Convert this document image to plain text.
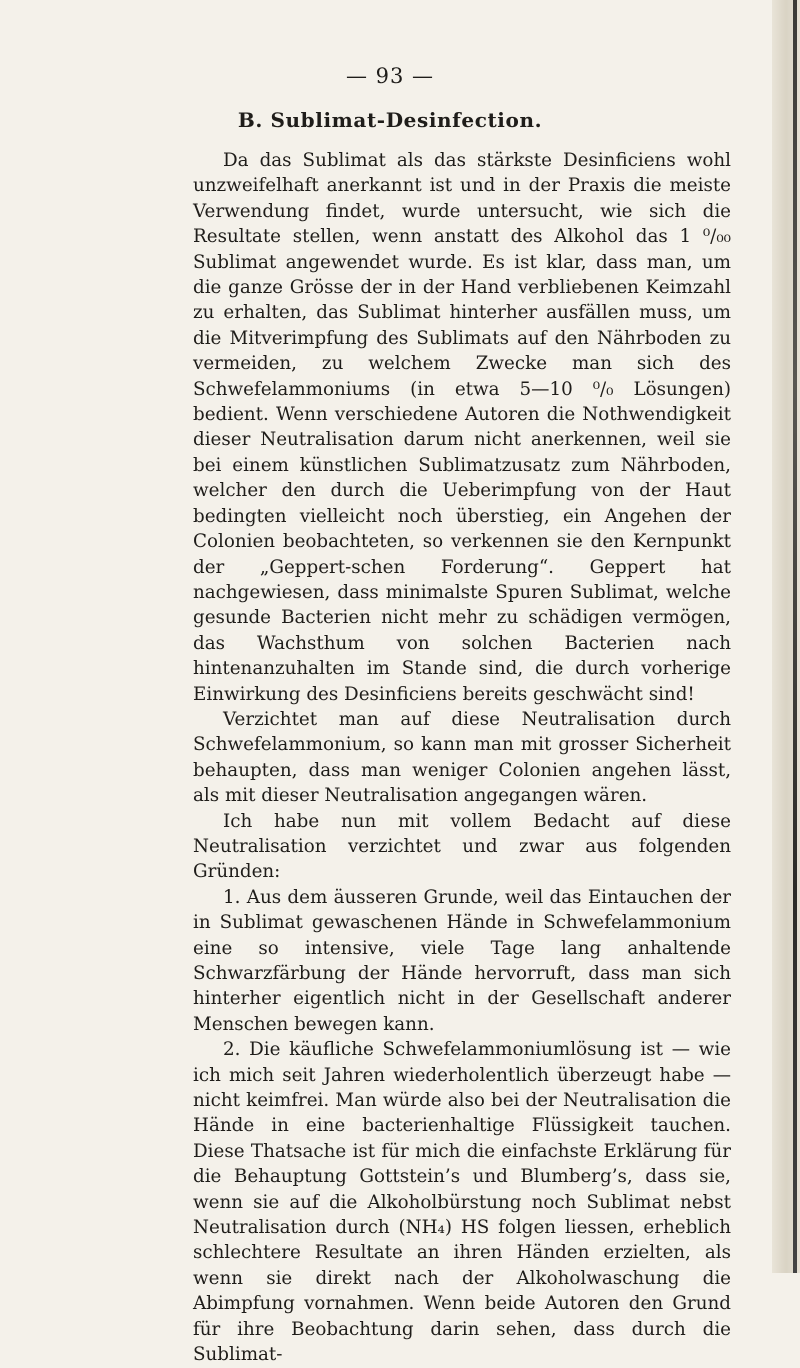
— 93 —
B. Sublimat-Desinfection.

Da das Sublimat als das stärkste Desinficiens wohl unzweifelhaft anerkannt ist und in der Praxis die meiste Verwendung findet, wurde untersucht, wie sich die Resultate stellen, wenn anstatt des Alkohol das 1 ⁰/₀₀ Sublimat angewendet wurde. Es ist klar, dass man, um die ganze Grösse der in der Hand verbliebenen Keimzahl zu erhalten, das Sublimat hinterher ausfällen muss, um die Mitverimpfung des Sublimats auf den Nährboden zu vermeiden, zu welchem Zwecke man sich des Schwefelammoniums (in etwa 5—10 ⁰/₀ Lösungen) bedient. Wenn verschiedene Autoren die Nothwendigkeit dieser Neutralisation darum nicht anerkennen, weil sie bei einem künstlichen Sublimatzusatz zum Nährboden, welcher den durch die Ueberimpfung von der Haut bedingten vielleicht noch überstieg, ein Angehen der Colonien beobachteten, so verkennen sie den Kernpunkt der „Geppert-schen Forderung“. Geppert hat nachgewiesen, dass minimalste Spuren Sublimat, welche gesunde Bacterien nicht mehr zu schädigen vermögen, das Wachsthum von solchen Bacterien nach hintenanzuhalten im Stande sind, die durch vorherige Einwirkung des Desinficiens bereits geschwächt sind!

Verzichtet man auf diese Neutralisation durch Schwefelammonium, so kann man mit grosser Sicherheit behaupten, dass man weniger Colonien angehen lässt, als mit dieser Neutralisation angegangen wären.

Ich habe nun mit vollem Bedacht auf diese Neutralisation verzichtet und zwar aus folgenden Gründen:

1. Aus dem äusseren Grunde, weil das Eintauchen der in Sublimat gewaschenen Hände in Schwefelammonium eine so intensive, viele Tage lang anhaltende Schwarzfärbung der Hände hervorruft, dass man sich hinterher eigentlich nicht in der Gesellschaft anderer Menschen bewegen kann.

2. Die käufliche Schwefelammoniumlösung ist — wie ich mich seit Jahren wiederholentlich überzeugt habe — nicht keimfrei. Man würde also bei der Neutralisation die Hände in eine bacterienhaltige Flüssigkeit tauchen. Diese Thatsache ist für mich die einfachste Erklärung für die Behauptung Gottstein’s und Blumberg’s, dass sie, wenn sie auf die Alkoholbürstung noch Sublimat nebst Neutralisation durch (NH₄) HS folgen liessen, erheblich schlechtere Resultate an ihren Händen erzielten, als wenn sie direkt nach der Alkoholwaschung die Abimpfung vornahmen. Wenn beide Autoren den Grund für ihre Beobachtung darin sehen, dass durch die Sublimat-
